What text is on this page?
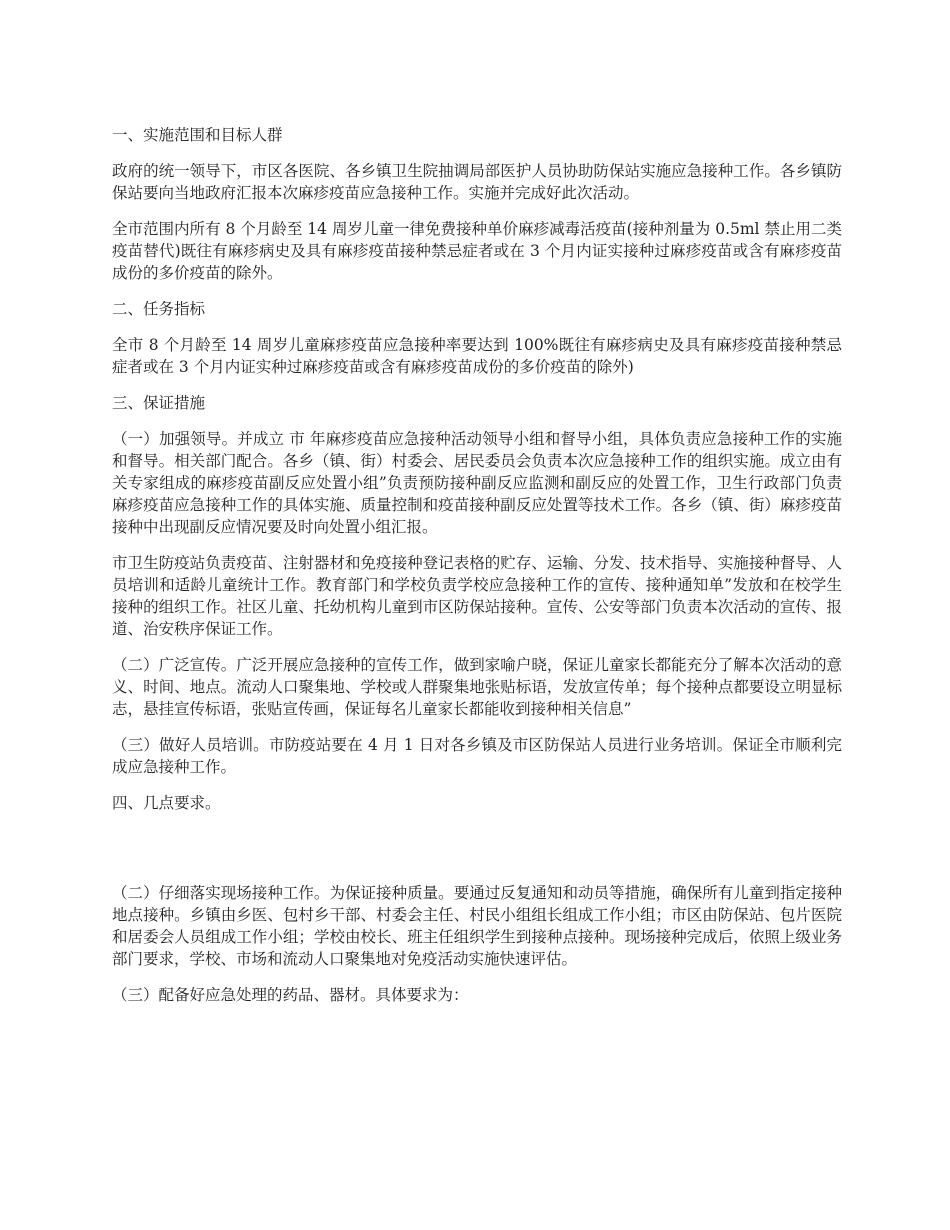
一、实施范围和目标人群

政府的统一领导下，市区各医院、各乡镇卫生院抽调局部医护人员协助防保站实施应急接种工作。各乡镇防保站要向当地政府汇报本次麻疹疫苗应急接种工作。实施并完成好此次活动。

全市范围内所有 8 个月龄至 14 周岁儿童一律免费接种单价麻疹减毒活疫苗(接种剂量为 0.5ml 禁止用二类疫苗替代)既往有麻疹病史及具有麻疹疫苗接种禁忌症者或在 3 个月内证实接种过麻疹疫苗或含有麻疹疫苗成份的多价疫苗的除外。

二、任务指标

全市 8 个月龄至 14 周岁儿童麻疹疫苗应急接种率要达到 100%既往有麻疹病史及具有麻疹疫苗接种禁忌症者或在 3 个月内证实种过麻疹疫苗或含有麻疹疫苗成份的多价疫苗的除外)

三、保证措施

（一）加强领导。并成立 市 年麻疹疫苗应急接种活动领导小组和督导小组，具体负责应急接种工作的实施和督导。相关部门配合。各乡（镇、街）村委会、居民委员会负责本次应急接种工作的组织实施。成立由有关专家组成的麻疹疫苗副反应处置小组”负责预防接种副反应监测和副反应的处置工作，卫生行政部门负责麻疹疫苗应急接种工作的具体实施、质量控制和疫苗接种副反应处置等技术工作。各乡（镇、街）麻疹疫苗接种中出现副反应情况要及时向处置小组汇报。

市卫生防疫站负责疫苗、注射器材和免疫接种登记表格的贮存、运输、分发、技术指导、实施接种督导、人员培训和适龄儿童统计工作。教育部门和学校负责学校应急接种工作的宣传、接种通知单”发放和在校学生接种的组织工作。社区儿童、托幼机构儿童到市区防保站接种。宣传、公安等部门负责本次活动的宣传、报道、治安秩序保证工作。

（二）广泛宣传。广泛开展应急接种的宣传工作，做到家喻户晓，保证儿童家长都能充分了解本次活动的意义、时间、地点。流动人口聚集地、学校或人群聚集地张贴标语，发放宣传单；每个接种点都要设立明显标志，悬挂宣传标语，张贴宣传画，保证每名儿童家长都能收到接种相关信息”

（三）做好人员培训。市防疫站要在 4 月 1 日对各乡镇及市区防保站人员进行业务培训。保证全市顺利完成应急接种工作。

四、几点要求。

（二）仔细落实现场接种工作。为保证接种质量。要通过反复通知和动员等措施，确保所有儿童到指定接种地点接种。乡镇由乡医、包村乡干部、村委会主任、村民小组组长组成工作小组；市区由防保站、包片医院和居委会人员组成工作小组；学校由校长、班主任组织学生到接种点接种。现场接种完成后，依照上级业务部门要求，学校、市场和流动人口聚集地对免疫活动实施快速评估。

（三）配备好应急处理的药品、器材。具体要求为：
